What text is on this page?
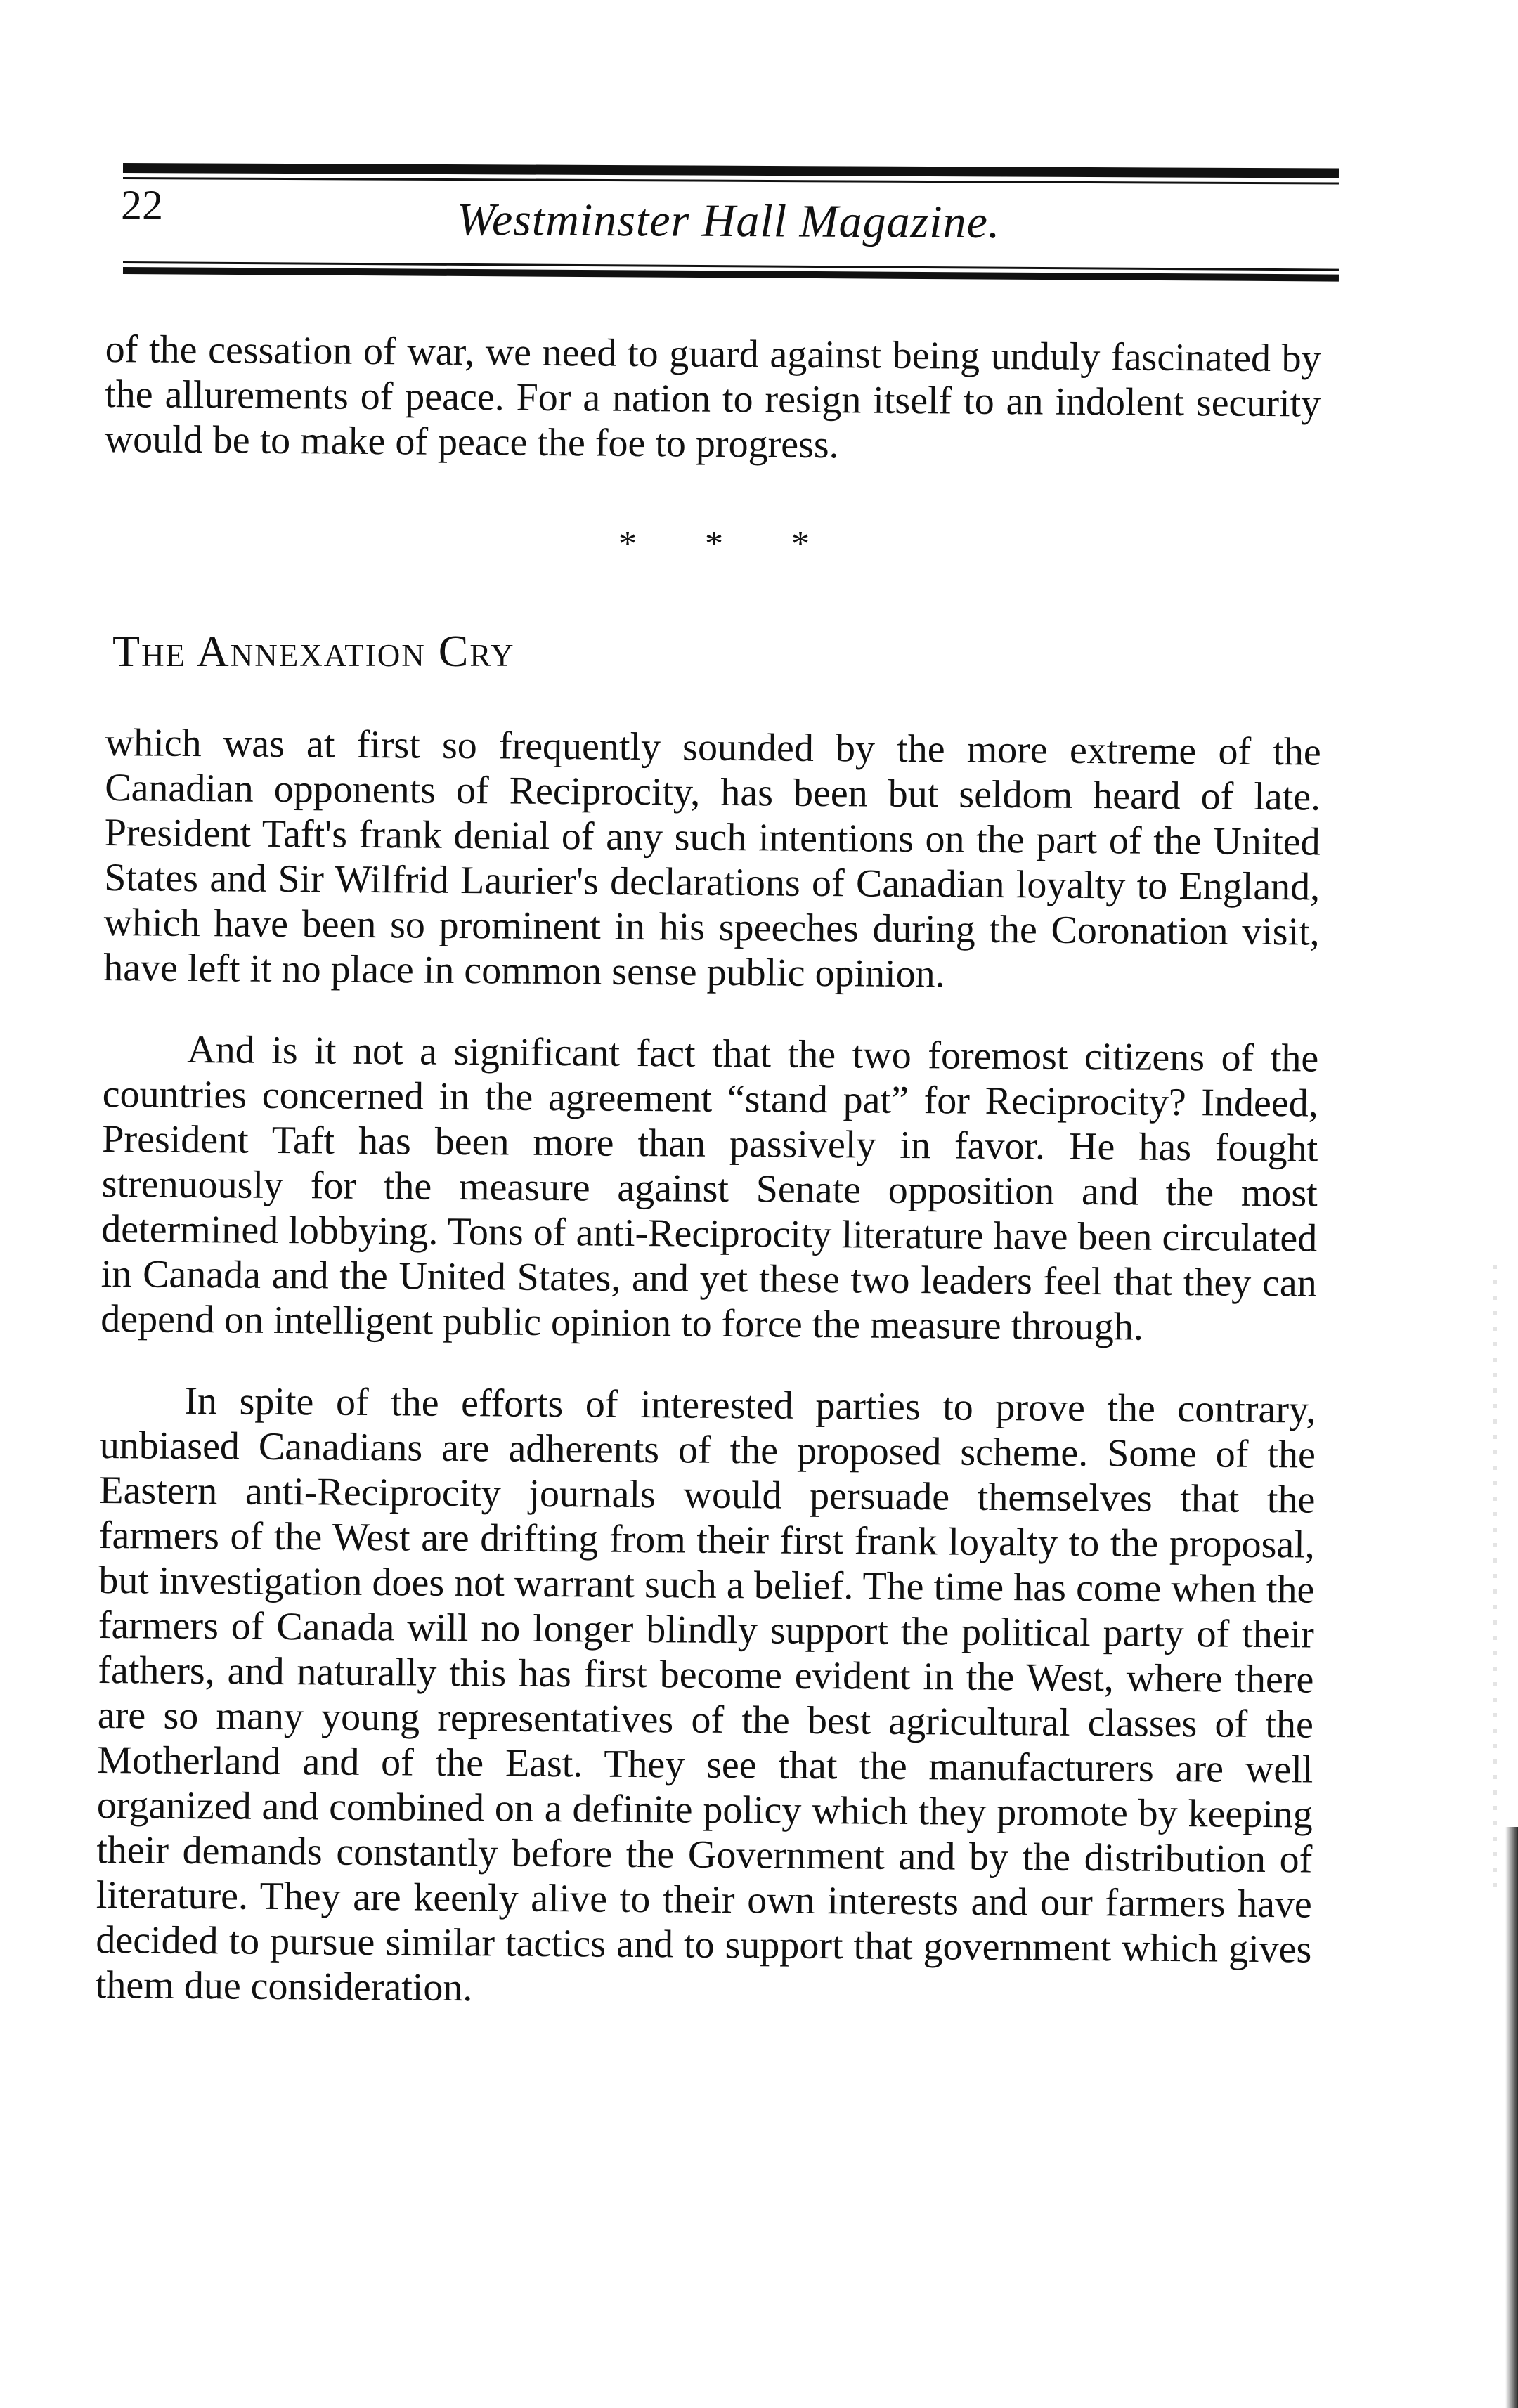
22	Westminster Hall Magazine.

of the cessation of war, we need to guard against being unduly fascinated by the allurements of peace. For a nation to resign itself to an indolent security would be to make of peace the foe to progress.

* * *
The Annexation Cry

which was at first so frequently sounded by the more extreme of the Canadian opponents of Reciprocity, has been but seldom heard of late. President Taft's frank denial of any such intentions on the part of the United States and Sir Wilfrid Laurier's declarations of Canadian loyalty to England, which have been so prominent in his speeches during the Coronation visit, have left it no place in common sense public opinion.

And is it not a significant fact that the two foremost citizens of the countries concerned in the agreement “stand pat” for Reciprocity? Indeed, President Taft has been more than passively in favor. He has fought strenuously for the measure against Senate opposition and the most determined lobbying. Tons of anti-Reciprocity literature have been circulated in Canada and the United States, and yet these two leaders feel that they can depend on intelligent public opinion to force the measure through.

In spite of the efforts of interested parties to prove the contrary, unbiased Canadians are adherents of the proposed scheme. Some of the Eastern anti-Reciprocity journals would persuade themselves that the farmers of the West are drifting from their first frank loyalty to the proposal, but investigation does not warrant such a belief. The time has come when the farmers of Canada will no longer blindly support the political party of their fathers, and naturally this has first become evident in the West, where there are so many young representatives of the best agricultural classes of the Motherland and of the East. They see that the manufacturers are well organized and combined on a definite policy which they promote by keeping their demands constantly before the Government and by the distribution of literature. They are keenly alive to their own interests and our farmers have decided to pursue similar tactics and to support that government which gives them due consideration.
